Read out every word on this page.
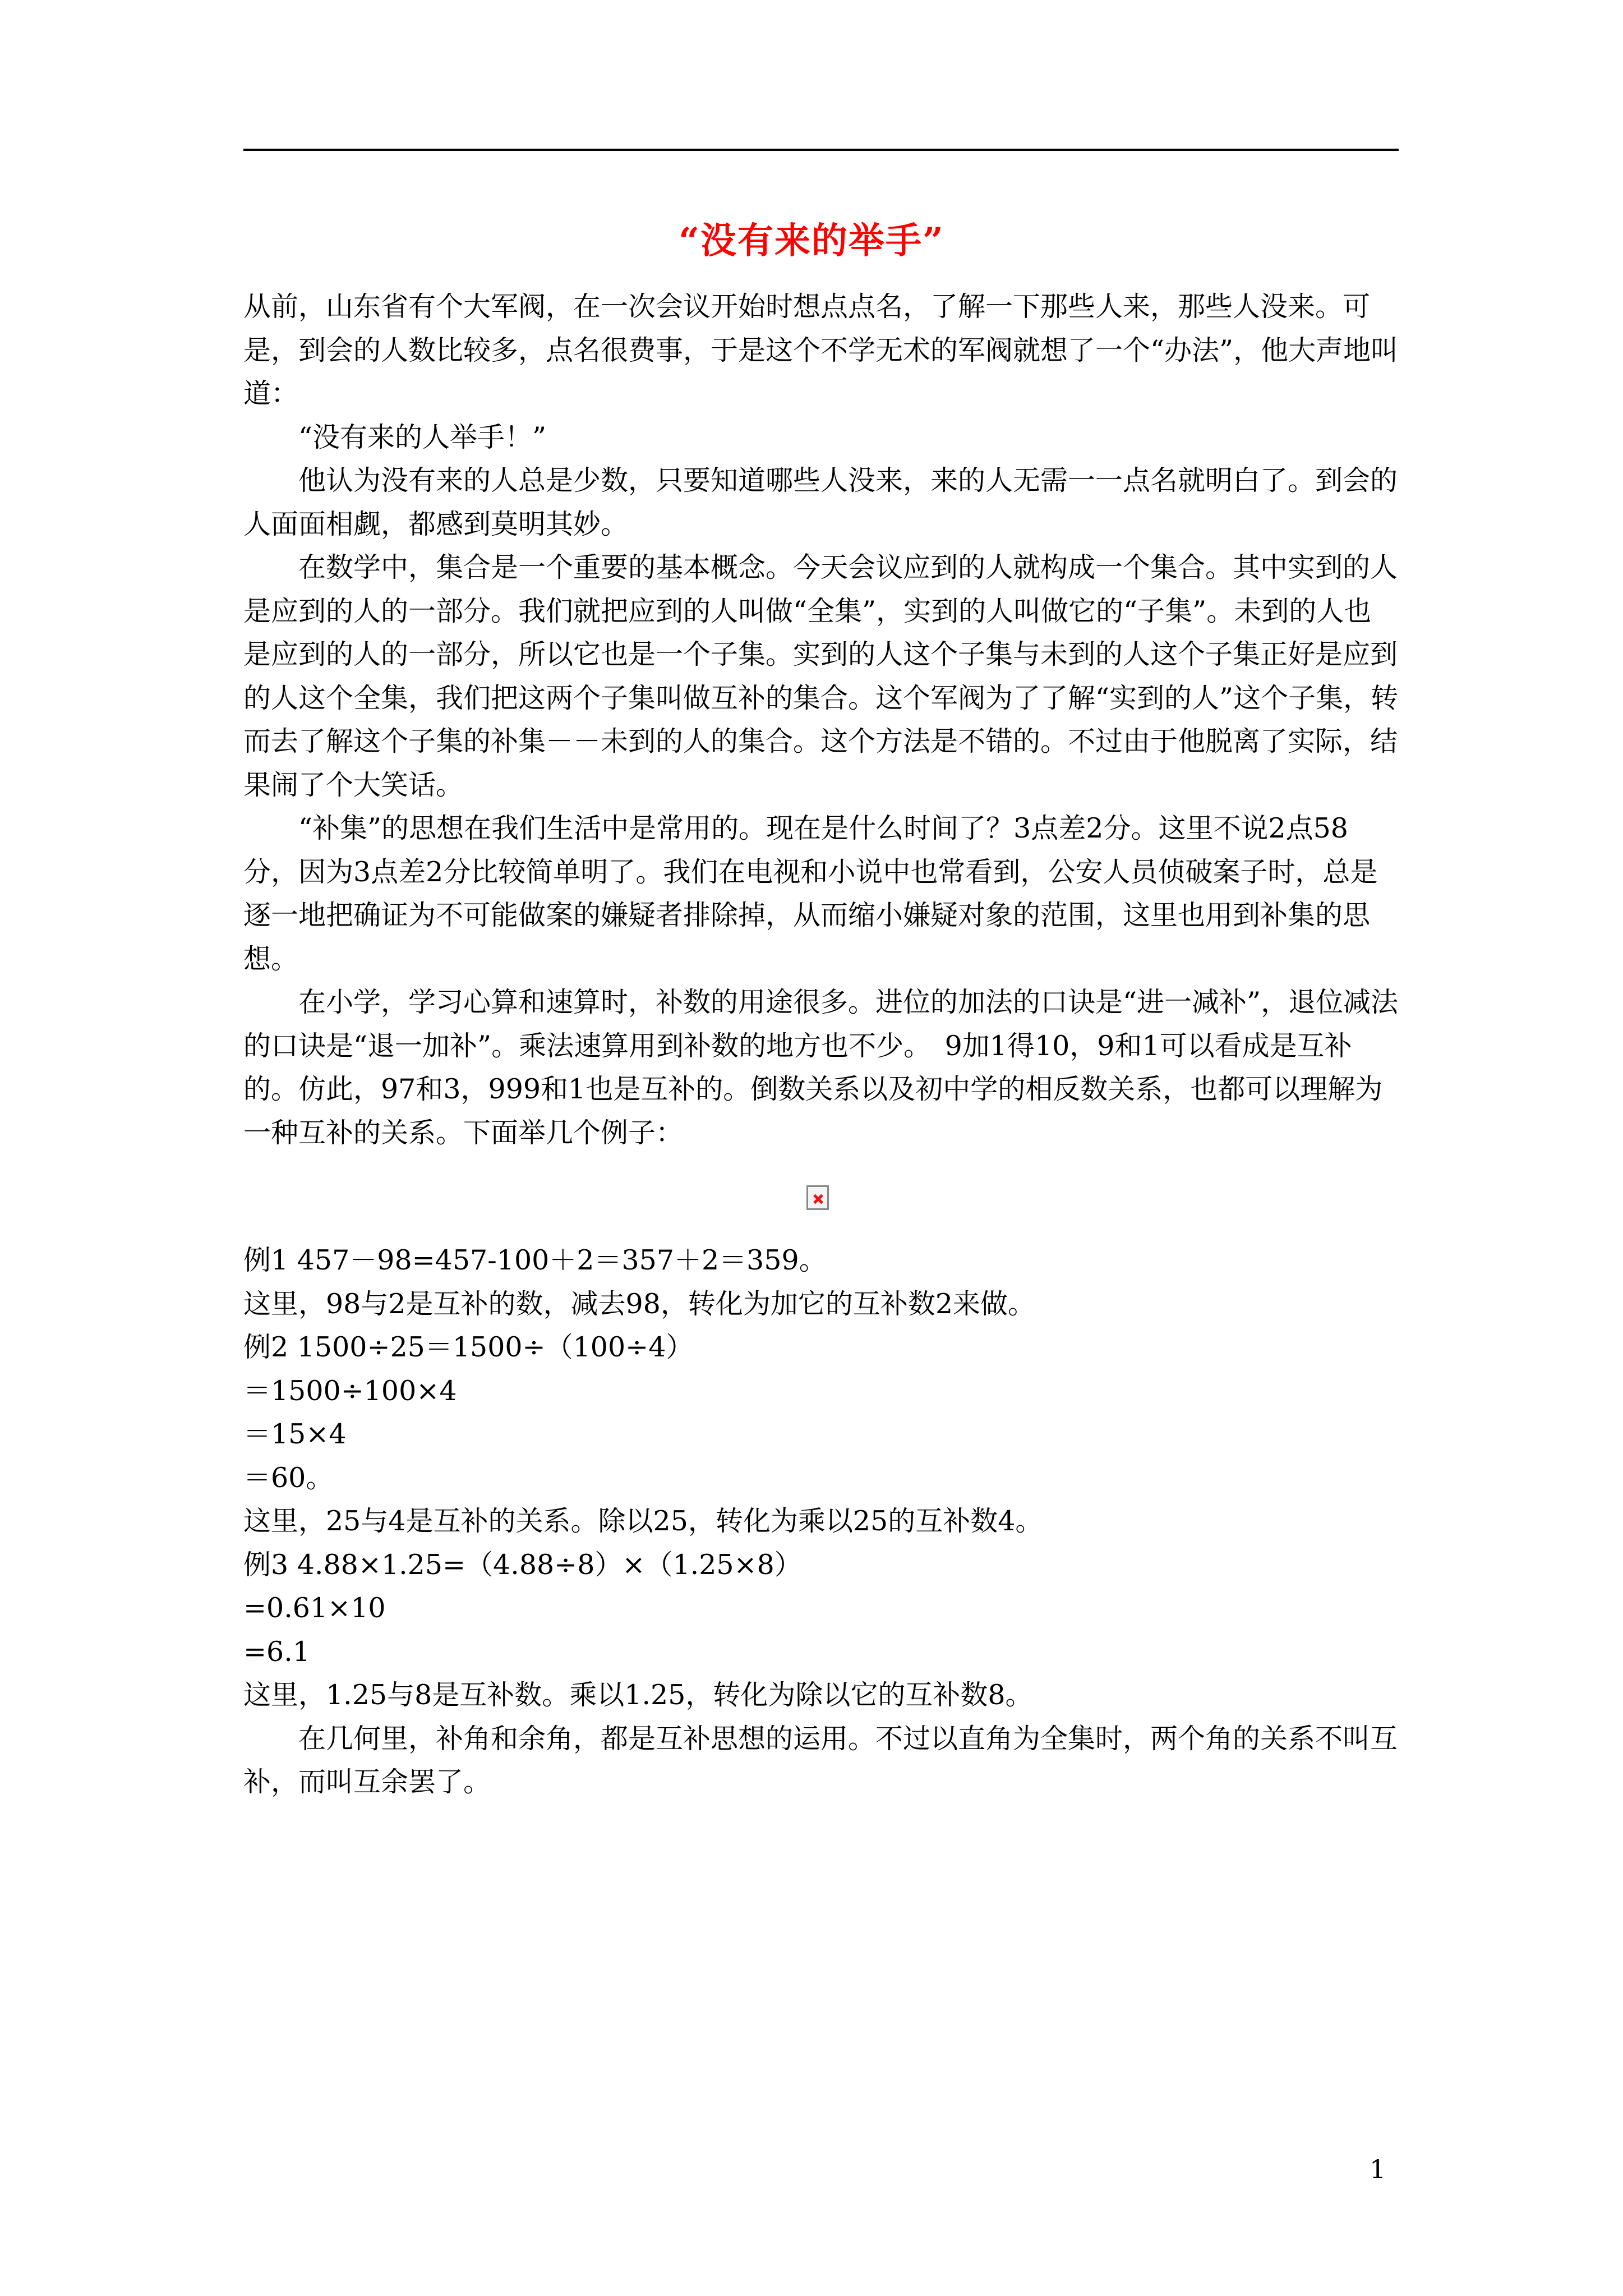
“没有来的举手”

从前，山东省有个大军阀，在一次会议开始时想点点名，了解一下那些人来，那些人没来。可是，到会的人数比较多，点名很费事，于是这个不学无术的军阀就想了一个“办法”，他大声地叫道：

“没有来的人举手！”

他认为没有来的人总是少数，只要知道哪些人没来，来的人无需一一点名就明白了。到会的人面面相觑，都感到莫明其妙。

在数学中，集合是一个重要的基本概念。今天会议应到的人就构成一个集合。其中实到的人是应到的人的一部分。我们就把应到的人叫做“全集”，实到的人叫做它的“子集”。未到的人也是应到的人的一部分，所以它也是一个子集。实到的人这个子集与未到的人这个子集正好是应到的人这个全集，我们把这两个子集叫做互补的集合。这个军阀为了了解“实到的人”这个子集，转而去了解这个子集的补集－－未到的人的集合。这个方法是不错的。不过由于他脱离了实际，结果闹了个大笑话。

“补集”的思想在我们生活中是常用的。现在是什么时间了？3点差2分。这里不说2点58分，因为3点差2分比较简单明了。我们在电视和小说中也常看到，公安人员侦破案子时，总是逐一地把确证为不可能做案的嫌疑者排除掉，从而缩小嫌疑对象的范围，这里也用到补集的思想。

在小学，学习心算和速算时，补数的用途很多。进位的加法的口诀是“进一减补”，退位减法的口诀是“退一加补”。乘法速算用到补数的地方也不少。　9加1得10，9和1可以看成是互补的。仿此，97和3，999和1也是互补的。倒数关系以及初中学的相反数关系，也都可以理解为一种互补的关系。下面举几个例子：

例1 457－98=457-100＋2＝357＋2＝359。

这里，98与2是互补的数，减去98，转化为加它的互补数2来做。

例2 1500÷25＝1500÷（100÷4）

＝1500÷100×4

＝15×4

＝60。

这里，25与4是互补的关系。除以25，转化为乘以25的互补数4。

例3 4.88×1.25=（4.88÷8）×（1.25×8）

=0.61×10

=6.1

这里，1.25与8是互补数。乘以1.25，转化为除以它的互补数8。

在几何里，补角和余角，都是互补思想的运用。不过以直角为全集时，两个角的关系不叫互补，而叫互余罢了。

1
